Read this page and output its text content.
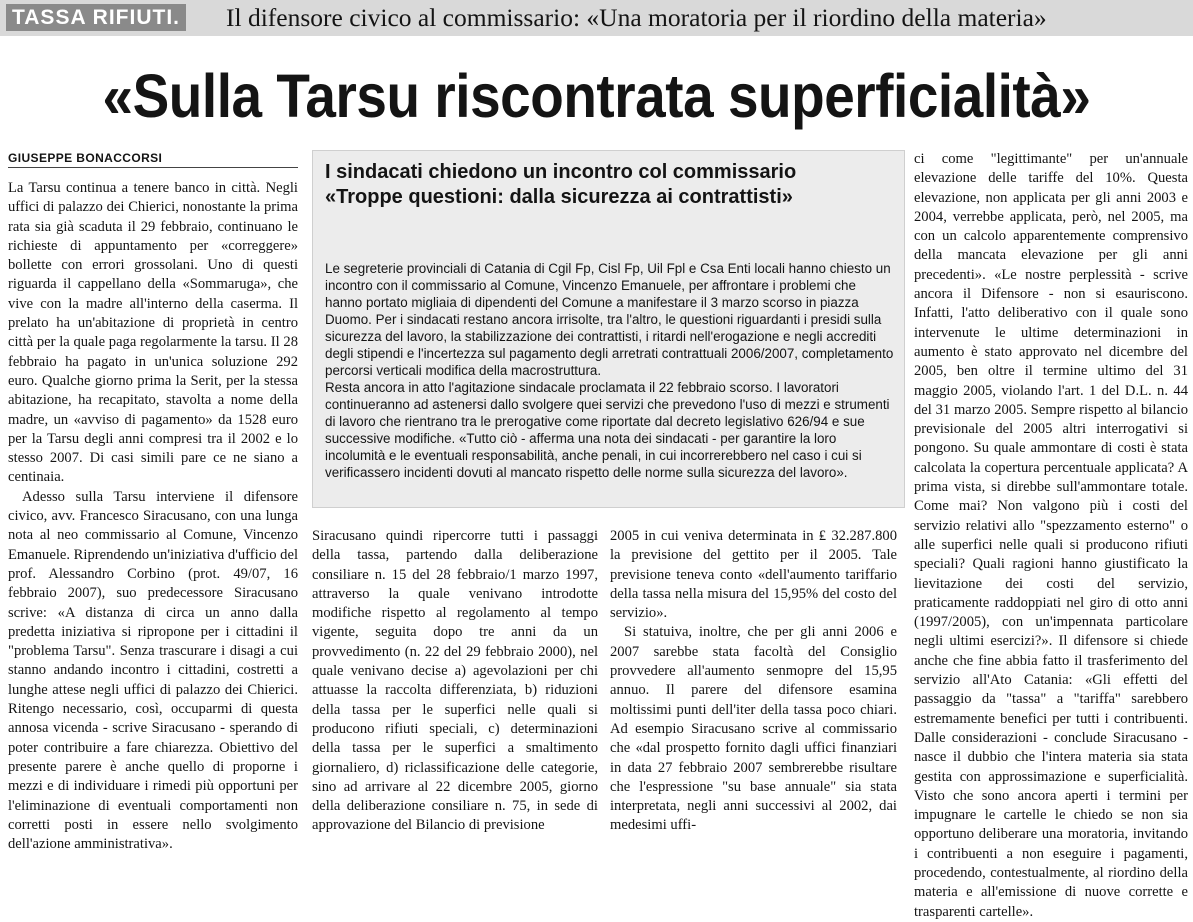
TASSA RIFIUTI. Il difensore civico al commissario: «Una moratoria per il riordino della materia»
«Sulla Tarsu riscontrata superficialità»
GIUSEPPE BONACCORSI

La Tarsu continua a tenere banco in città. Negli uffici di palazzo dei Chierici, nonostante la prima rata sia già scaduta il 29 febbraio, continuano le richieste di appuntamento per «correggere» bollette con errori grossolani. Uno di questi riguarda il cappellano della «Sommaruga», che vive con la madre all'interno della caserma. Il prelato ha un'abitazione di proprietà in centro città per la quale paga regolarmente la tarsu. Il 28 febbraio ha pagato in un'unica soluzione 292 euro. Qualche giorno prima la Serit, per la stessa abitazione, ha recapitato, stavolta a nome della madre, un «avviso di pagamento» da 1528 euro per la Tarsu degli anni compresi tra il 2002 e lo stesso 2007. Di casi simili pare ce ne siano a centinaia.

Adesso sulla Tarsu interviene il difensore civico, avv. Francesco Siracusano, con una lunga nota al neo commissario al Comune, Vincenzo Emanuele. Riprendendo un'iniziativa d'ufficio del prof. Alessandro Corbino (prot. 49/07, 16 febbraio 2007), suo predecessore Siracusano scrive: «A distanza di circa un anno dalla predetta iniziativa si ripropone per i cittadini il "problema Tarsu". Senza trascurare i disagi a cui stanno andando incontro i cittadini, costretti a lunghe attese negli uffici di palazzo dei Chierici. Ritengo necessario, così, occuparmi di questa annosa vicenda - scrive Siracusano - sperando di poter contribuire a fare chiarezza. Obiettivo del presente parere è anche quello di proporne i mezzi e di individuare i rimedi più opportuni per l'eliminazione di eventuali comportamenti non corretti posti in essere nello svolgimento dell'azione amministrativa».

I sindacati chiedono un incontro col commissario
«Troppe questioni: dalla sicurezza ai contrattisti»

Le segreterie provinciali di Catania di Cgil Fp, Cisl Fp, Uil Fpl e Csa Enti locali hanno chiesto un incontro con il commissario al Comune, Vincenzo Emanuele, per affrontare i problemi che hanno portato migliaia di dipendenti del Comune a manifestare il 3 marzo scorso in piazza Duomo. Per i sindacati restano ancora irrisolte, tra l'altro, le questioni riguardanti i presidi sulla sicurezza del lavoro, la stabilizzazione dei contrattisti, i ritardi nell'erogazione e negli accrediti degli stipendi e l'incertezza sul pagamento degli arretrati contrattuali 2006/2007, completamento percorsi verticali modifica della macrostruttura.

Resta ancora in atto l'agitazione sindacale proclamata il 22 febbraio scorso. I lavoratori continueranno ad astenersi dallo svolgere quei servizi che prevedono l'uso di mezzi e strumenti di lavoro che rientrano tra le prerogative come riportate dal decreto legislativo 626/94 e sue successive modifiche. «Tutto ciò - afferma una nota dei sindacati - per garantire la loro incolumità e le eventuali responsabilità, anche penali, in cui incorrerebbero nel caso i cui si verificassero incidenti dovuti al mancato rispetto delle norme sulla sicurezza del lavoro».

Siracusano quindi ripercorre tutti i passaggi della tassa, partendo dalla deliberazione consiliare n. 15 del 28 febbraio/1 marzo 1997, attraverso la quale venivano introdotte modifiche rispetto al regolamento al tempo vigente, seguita dopo tre anni da un provvedimento (n. 22 del 29 febbraio 2000), nel quale venivano decise a) agevolazioni per chi attuasse la raccolta differenziata, b) riduzioni della tassa per le superfici nelle quali si producono rifiuti speciali, c) determinazioni della tassa per le superfici a smaltimento giornaliero, d) riclassificazione delle categorie, sino ad arrivare al 22 dicembre 2005, giorno della deliberazione consiliare n. 75, in sede di approvazione del Bilancio di previsione

2005 in cui veniva determinata in ₤ 32.287.800 la previsione del gettito per il 2005. Tale previsione teneva conto «dell'aumento tariffario della tassa nella misura del 15,95% del costo del servizio».

Si statuiva, inoltre, che per gli anni 2006 e 2007 sarebbe stata facoltà del Consiglio provvedere all'aumento senmopre del 15,95 annuo. Il parere del difensore esamina moltissimi punti dell'iter della tassa poco chiari. Ad esempio Siracusano scrive al commissario che «dal prospetto fornito dagli uffici finanziari in data 27 febbraio 2007 sembrerebbe risultare che l'espressione "su base annuale" sia stata interpretata, negli anni successivi al 2002, dai medesimi uffi-

ci come "legittimante" per un'annuale elevazione delle tariffe del 10%. Questa elevazione, non applicata per gli anni 2003 e 2004, verrebbe applicata, però, nel 2005, ma con un calcolo apparentemente comprensivo della mancata elevazione per gli anni precedenti». «Le nostre perplessità - scrive ancora il Difensore - non si esauriscono. Infatti, l'atto deliberativo con il quale sono intervenute le ultime determinazioni in aumento è stato approvato nel dicembre del 2005, ben oltre il termine ultimo del 31 maggio 2005, violando l'art. 1 del D.L. n. 44 del 31 marzo 2005. Sempre rispetto al bilancio previsionale del 2005 altri interrogativi si pongono. Su quale ammontare di costi è stata calcolata la copertura percentuale applicata? A prima vista, si direbbe sull'ammontare totale. Come mai? Non valgono più i costi del servizio relativi allo "spezzamento esterno" o alle superfici nelle quali si producono rifiuti speciali? Quali ragioni hanno giustificato la lievitazione dei costi del servizio, praticamente raddoppiati nel giro di otto anni (1997/2005), con un'impennata particolare negli ultimi esercizi?». Il difensore si chiede anche che fine abbia fatto il trasferimento del servizio all'Ato Catania: «Gli effetti del passaggio da "tassa" a "tariffa" sarebbero estremamente benefici per tutti i contribuenti. Dalle considerazioni - conclude Siracusano - nasce il dubbio che l'intera materia sia stata gestita con approssimazione e superficialità. Visto che sono ancora aperti i termini per impugnare le cartelle le chiedo se non sia opportuno deliberare una moratoria, invitando i contribuenti a non eseguire i pagamenti, procedendo, contestualmente, al riordino della materia e all'emissione di nuove corrette e trasparenti cartelle».
